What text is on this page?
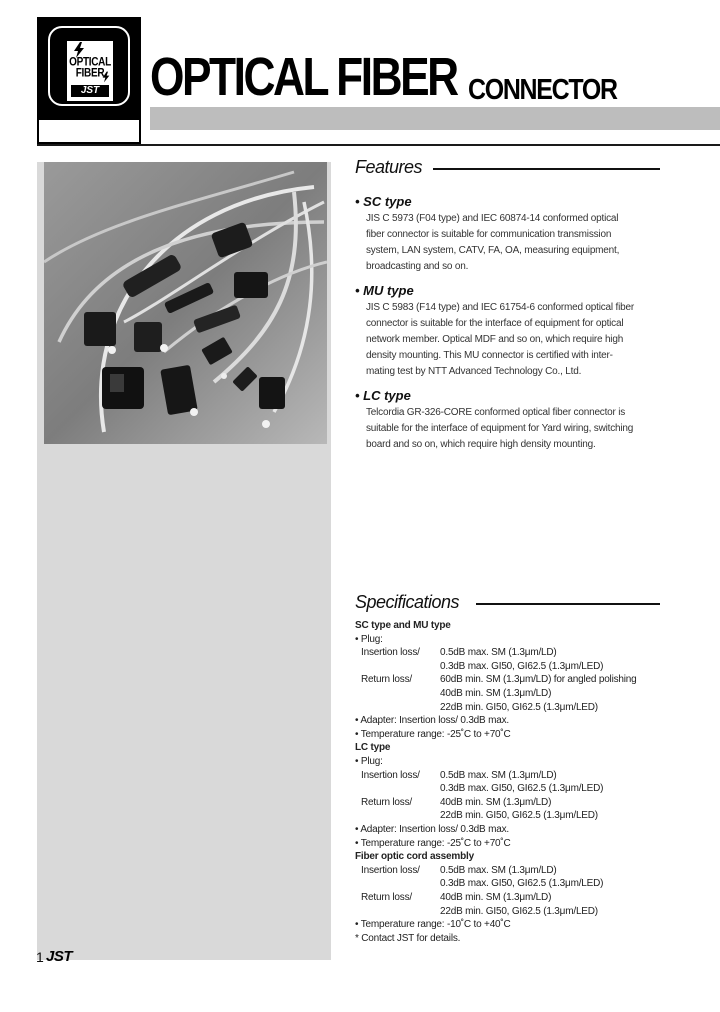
OPTICAL
FIBER
JST OPTICAL FIBER CONNECTOR
Features
• SC type
JIS C 5973 (F04 type) and IEC 60874-14 conformed optical
fiber connector is suitable for communication transmission
system, LAN system, CATV, FA, OA, measuring equipment,
broadcasting and so on.
• MU type
JIS C 5983 (F14 type) and IEC 61754-6 conformed optical fiber
connector is suitable for the interface of equipment for optical
network member. Optical MDF and so on, which require high
density mounting. This MU connector is certified with inter-
mating test by NTT Advanced Technology Co., Ltd.
• LC type
Telcordia GR-326-CORE conformed optical fiber connector is
suitable for the interface of equipment for Yard wiring, switching
board and so on, which require high density mounting.
Specifications
SC type and MU type
• Plug:
Insertion loss/ 0.5dB max. SM (1.3μm/LD)
0.3dB max. GI50, GI62.5 (1.3μm/LED)
Return loss/	60dB min. SM (1.3μm/LD) for angled polishing
40dB min. SM (1.3μm/LD)
22dB min. GI50, GI62.5 (1.3μm/LED)
• Adapter: Insertion loss/ 0.3dB max.
• Temperature range: -25˚C to +70˚C
LC type
• Plug:
Insertion loss/ 0.5dB max. SM (1.3μm/LD)
0.3dB max. GI50, GI62.5 (1.3μm/LED)
Return loss/	40dB min. SM (1.3μm/LD)
22dB min. GI50, GI62.5 (1.3μm/LED)
• Adapter: Insertion loss/ 0.3dB max.
• Temperature range: -25˚C to +70˚C
Fiber optic cord assembly
Insertion loss/ 0.5dB max. SM (1.3μm/LD)
0.3dB max. GI50, GI62.5 (1.3μm/LED)
Return loss/	40dB min. SM (1.3μm/LD)
22dB min. GI50, GI62.5 (1.3μm/LED)
• Temperature range: -10˚C to +40˚C
* Contact JST for details.
1 JST
